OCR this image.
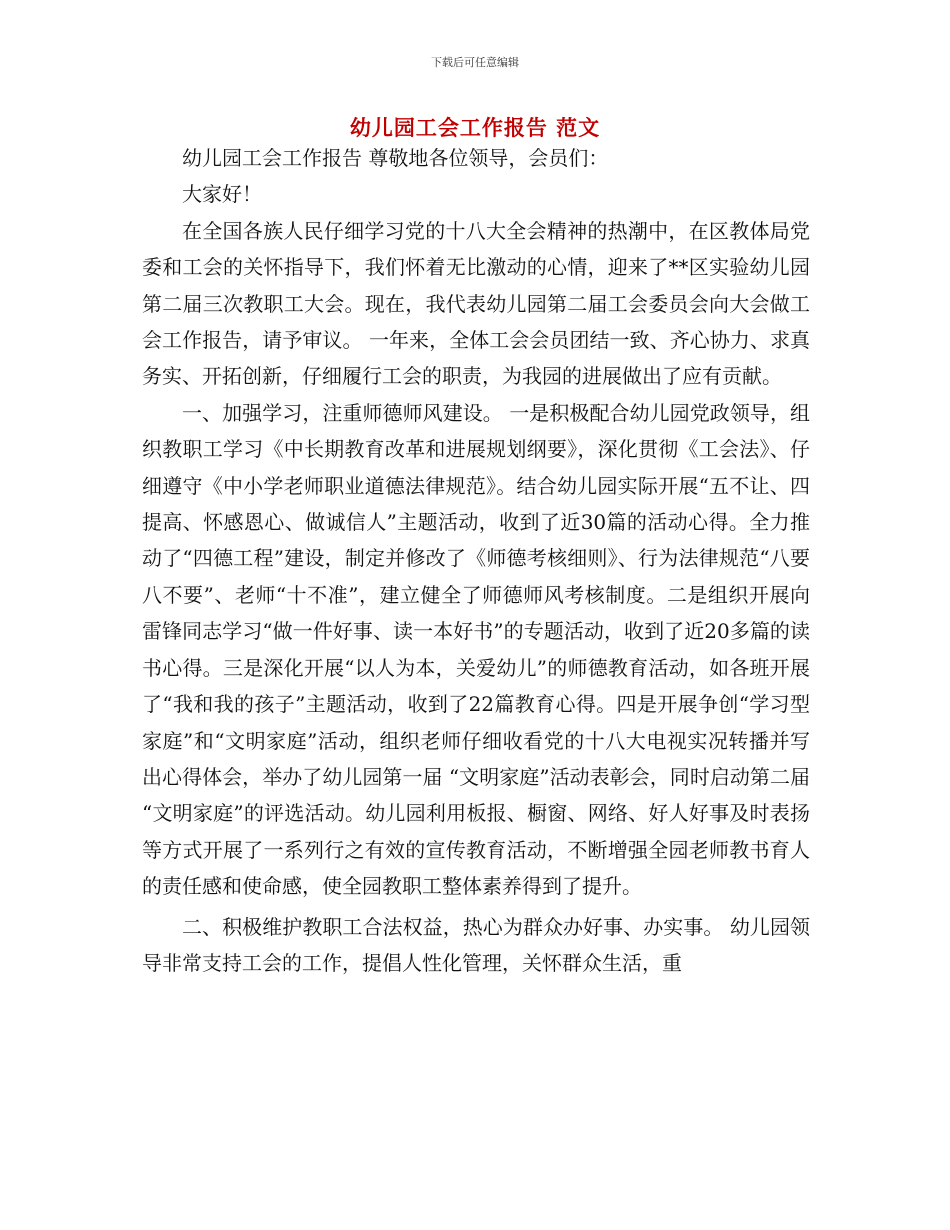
下载后可任意编辑
幼儿园工会工作报告 范文

幼儿园工会工作报告 尊敬地各位领导，会员们：

大家好！

在全国各族人民仔细学习党的十八大全会精神的热潮中，在区教体局党委和工会的关怀指导下，我们怀着无比激动的心情，迎来了**区实验幼儿园第二届三次教职工大会。现在，我代表幼儿园第二届工会委员会向大会做工会工作报告，请予审议。 一年来，全体工会会员团结一致、齐心协力、求真务实、开拓创新，仔细履行工会的职责，为我园的进展做出了应有贡献。

一、加强学习，注重师德师风建设。 一是积极配合幼儿园党政领导，组织教职工学习《中长期教育改革和进展规划纲要》，深化贯彻《工会法》、仔细遵守《中小学老师职业道德法律规范》。结合幼儿园实际开展“五不让、四提高、怀感恩心、做诚信人”主题活动，收到了近30篇的活动心得。全力推动了“四德工程”建设，制定并修改了《师德考核细则》、行为法律规范“八要八不要”、老师“十不准”，建立健全了师德师风考核制度。二是组织开展向雷锋同志学习“做一件好事、读一本好书”的专题活动，收到了近20多篇的读书心得。三是深化开展“以人为本，关爱幼儿”的师德教育活动，如各班开展了“我和我的孩子”主题活动，收到了22篇教育心得。四是开展争创“学习型家庭”和“文明家庭”活动，组织老师仔细收看党的十八大电视实况转播并写出心得体会，举办了幼儿园第一届 “文明家庭”活动表彰会，同时启动第二届 “文明家庭”的评选活动。幼儿园利用板报、橱窗、网络、好人好事及时表扬等方式开展了一系列行之有效的宣传教育活动，不断增强全园老师教书育人的责任感和使命感，使全园教职工整体素养得到了提升。

二、积极维护教职工合法权益，热心为群众办好事、办实事。 幼儿园领导非常支持工会的工作，提倡人性化管理，关怀群众生活，重
